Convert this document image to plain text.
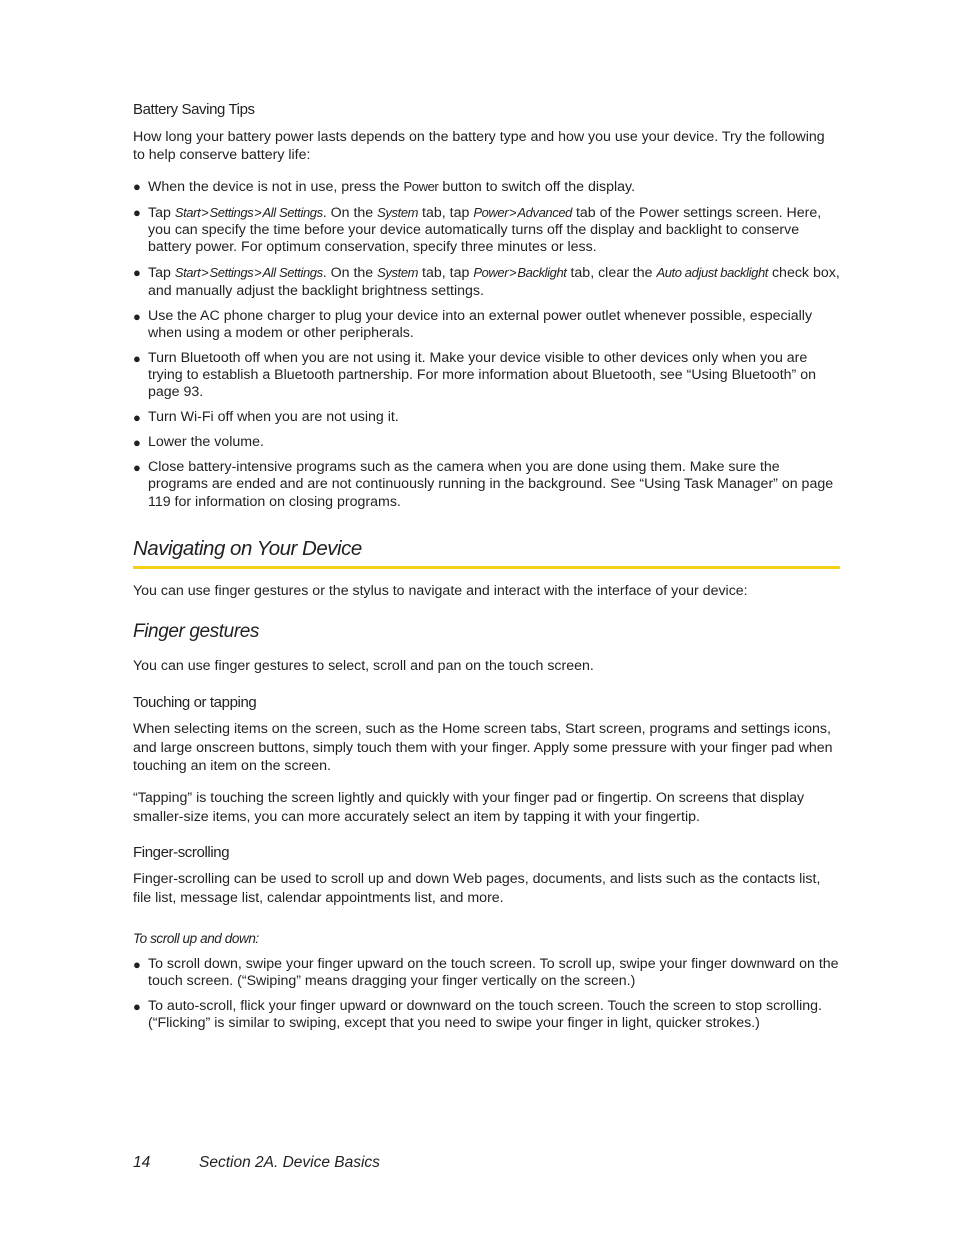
Battery Saving Tips
How long your battery power lasts depends on the battery type and how you use your device. Try the following to help conserve battery life:
● When the device is not in use, press the Power button to switch off the display.
● Tap Start>Settings>All Settings. On the System tab, tap Power>Advanced tab of the Power settings screen. Here, you can specify the time before your device automatically turns off the display and backlight to conserve battery power. For optimum conservation, specify three minutes or less.
● Tap Start>Settings>All Settings. On the System tab, tap Power>Backlight tab, clear the Auto adjust backlight check box, and manually adjust the backlight brightness settings.
● Use the AC phone charger to plug your device into an external power outlet whenever possible, especially when using a modem or other peripherals.
● Turn Bluetooth off when you are not using it. Make your device visible to other devices only when you are trying to establish a Bluetooth partnership. For more information about Bluetooth, see “Using Bluetooth” on page 93.
● Turn Wi-Fi off when you are not using it.
● Lower the volume.
● Close battery-intensive programs such as the camera when you are done using them. Make sure the programs are ended and are not continuously running in the background. See “Using Task Manager” on page 119 for information on closing programs.
Navigating on Your Device
You can use finger gestures or the stylus to navigate and interact with the interface of your device:
Finger gestures
You can use finger gestures to select, scroll and pan on the touch screen.
Touching or tapping
When selecting items on the screen, such as the Home screen tabs, Start screen, programs and settings icons, and large onscreen buttons, simply touch them with your finger. Apply some pressure with your finger pad when touching an item on the screen.
“Tapping” is touching the screen lightly and quickly with your finger pad or fingertip. On screens that display smaller-size items, you can more accurately select an item by tapping it with your fingertip.
Finger-scrolling
Finger-scrolling can be used to scroll up and down Web pages, documents, and lists such as the contacts list, file list, message list, calendar appointments list, and more.
To scroll up and down:
● To scroll down, swipe your finger upward on the touch screen. To scroll up, swipe your finger downward on the touch screen. (“Swiping” means dragging your finger vertically on the screen.)
● To auto-scroll, flick your finger upward or downward on the touch screen. Touch the screen to stop scrolling. (“Flicking” is similar to swiping, except that you need to swipe your finger in light, quicker strokes.)
14	Section 2A. Device Basics
